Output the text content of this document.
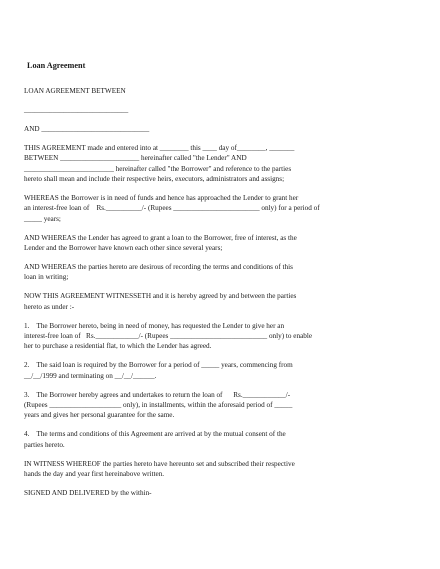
Loan Agreement
LOAN AGREEMENT BETWEEN
_____________________________
AND ______________________________
THIS AGREEMENT made and entered into at ________ this ____ day of________, _______
BETWEEN ______________________ hereinafter called "the Lender" AND
_________________________ hereinafter called "the Borrower" and reference to the parties
hereto shall mean and include their respective heirs, executors, administrators and assigns;
WHEREAS the Borrower is in need of funds and hence has approached the Lender to grant her
an interest-free loan of    Rs.__________/- (Rupees ________________________ only) for a period of
_____ years;
AND WHEREAS the Lender has agreed to grant a loan to the Borrower, free of interest, as the
Lender and the Borrower have known each other since several years;
AND WHEREAS the parties hereto are desirous of recording the terms and conditions of this
loan in writing;
NOW THIS AGREEMENT WITNESSETH and it is hereby agreed by and between the parties
hereto as under :-
1.    The Borrower hereto, being in need of money, has requested the Lender to give her an
interest-free loan of   Rs.____________/- (Rupees ___________________________ only) to enable
her to purchase a residential flat, to which the Lender has agreed.
2.    The said loan is required by the Borrower for a period of _____ years, commencing from
__/__/1999 and terminating on __/__/______.
3.    The Borrower hereby agrees and undertakes to return the loan of      Rs.____________/-
(Rupees ____________________ only), in installments, within the aforesaid period of _____
years and gives her personal guarantee for the same.
4.    The terms and conditions of this Agreement are arrived at by the mutual consent of the
parties hereto.
IN WITNESS WHEREOF the parties hereto have hereunto set and subscribed their respective
hands the day and year first hereinabove written.
SIGNED AND DELIVERED by the within-
